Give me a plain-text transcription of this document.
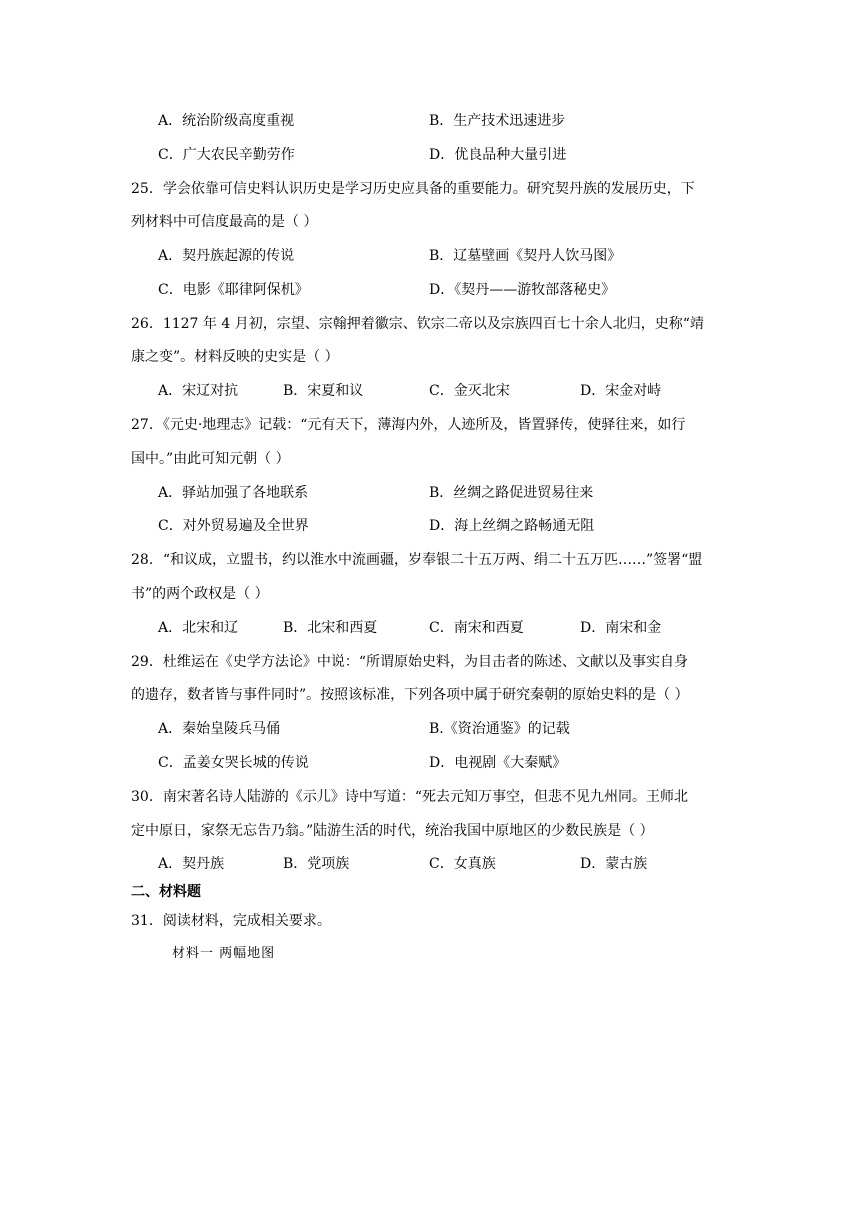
A．统治阶级高度重视	B．生产技术迅速进步
C．广大农民辛勤劳作	D．优良品种大量引进
25．学会依靠可信史料认识历史是学习历史应具备的重要能力。研究契丹族的发展历史，下
列材料中可信度最高的是（ ）
A．契丹族起源的传说	B．辽墓壁画《契丹人饮马图》
C．电影《耶律阿保机》	D．《契丹——游牧部落秘史》
26．1127 年 4 月初，宗望、宗翰押着徽宗、钦宗二帝以及宗族四百七十余人北归，史称“靖
康之变”。材料反映的史实是（ ）
A．宋辽对抗	B．宋夏和议	C．金灭北宋	D．宋金对峙
27．《元史·地理志》记载：“元有天下，薄海内外，人迹所及，皆置驿传，使驿往来，如行
国中。”由此可知元朝（ ）
A．驿站加强了各地联系	B．丝绸之路促进贸易往来
C．对外贸易遍及全世界	D．海上丝绸之路畅通无阻
28．“和议成，立盟书，约以淮水中流画疆，岁奉银二十五万两、绢二十五万匹……”签署“盟
书”的两个政权是（ ）
A．北宋和辽	B．北宋和西夏	C．南宋和西夏	D．南宋和金
29．杜维运在《史学方法论》中说：“所谓原始史料，为目击者的陈述、文献以及事实自身
的遗存，数者皆与事件同时”。按照该标准，下列各项中属于研究秦朝的原始史料的是（ ）
A．秦始皇陵兵马俑	B.《资治通鉴》的记载
C．孟姜女哭长城的传说	D．电视剧《大秦赋》
30．南宋著名诗人陆游的《示儿》诗中写道：“死去元知万事空，但悲不见九州同。王师北
定中原日，家祭无忘告乃翁。”陆游生活的时代，统治我国中原地区的少数民族是（ ）
A．契丹族	B．党项族	C．女真族	D．蒙古族
二、材料题
31．阅读材料，完成相关要求。
材料一 两幅地图
